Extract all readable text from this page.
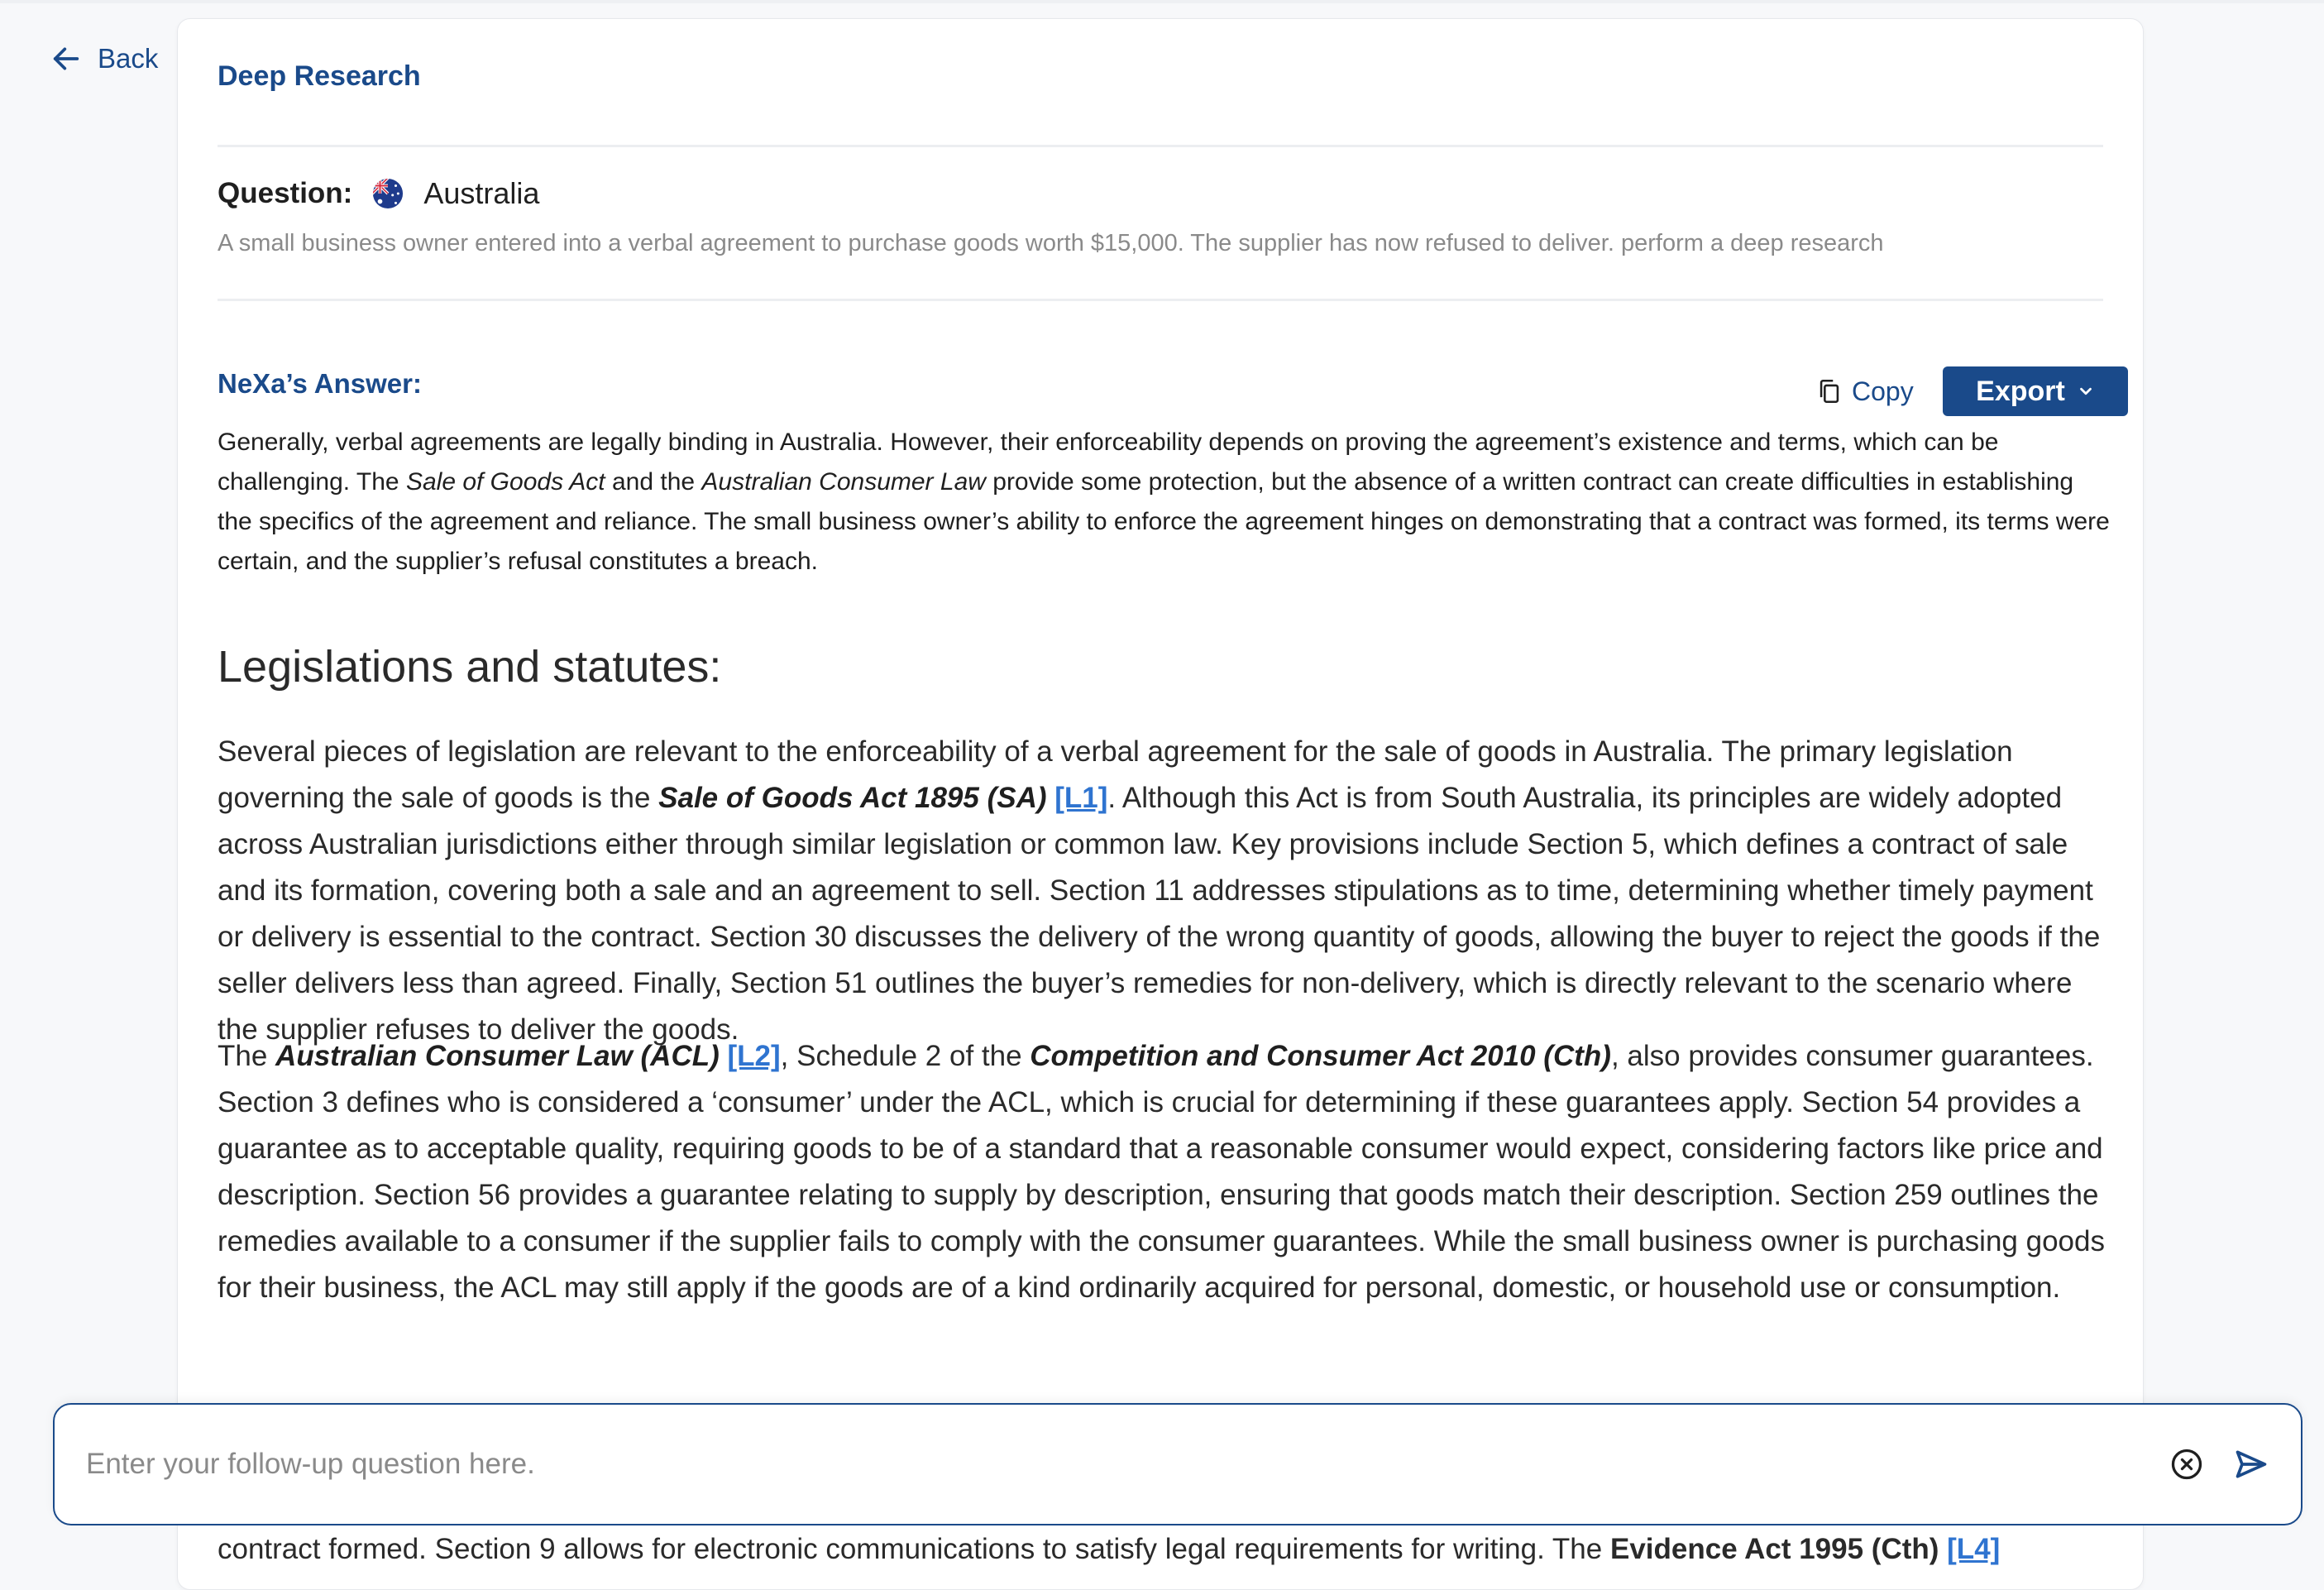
Back
Deep Research
Question: Australia
A small business owner entered into a verbal agreement to purchase goods worth $15,000. The supplier has now refused to deliver. perform a deep research
NeXa’s Answer:	Copy Export
Generally, verbal agreements are legally binding in Australia. However, their enforceability depends on proving the agreement’s existence and terms, which can be challenging. The Sale of Goods Act and the Australian Consumer Law provide some protection, but the absence of a written contract can create difficulties in establishing the specifics of the agreement and reliance. The small business owner’s ability to enforce the agreement hinges on demonstrating that a contract was formed, its terms were certain, and the supplier’s refusal constitutes a breach.
Legislations and statutes:
Several pieces of legislation are relevant to the enforceability of a verbal agreement for the sale of goods in Australia. The primary legislation governing the sale of goods is the Sale of Goods Act 1895 (SA) [L1]. Although this Act is from South Australia, its principles are widely adopted across Australian jurisdictions either through similar legislation or common law. Key provisions include Section 5, which defines a contract of sale and its formation, covering both a sale and an agreement to sell. Section 11 addresses stipulations as to time, determining whether timely payment or delivery is essential to the contract. Section 30 discusses the delivery of the wrong quantity of goods, allowing the buyer to reject the goods if the seller delivers less than agreed. Finally, Section 51 outlines the buyer’s remedies for non-delivery, which is directly relevant to the scenario where the supplier refuses to deliver the goods.
The Australian Consumer Law (ACL) [L2], Schedule 2 of the Competition and Consumer Act 2010 (Cth), also provides consumer guarantees. Section 3 defines who is considered a ‘consumer’ under the ACL, which is crucial for determining if these guarantees apply. Section 54 provides a guarantee as to acceptable quality, requiring goods to be of a standard that a reasonable consumer would expect, considering factors like price and description. Section 56 provides a guarantee relating to supply by description, ensuring that goods match their description. Section 259 outlines the remedies available to a consumer if the supplier fails to comply with the consumer guarantees. While the small business owner is purchasing goods for their business, the ACL may still apply if the goods are of a kind ordinarily acquired for personal, domestic, or household use or consumption.
contract formed. Section 9 allows for electronic communications to satisfy legal requirements for writing. The Evidence Act 1995 (Cth) [L4]
Enter your follow-up question here.
